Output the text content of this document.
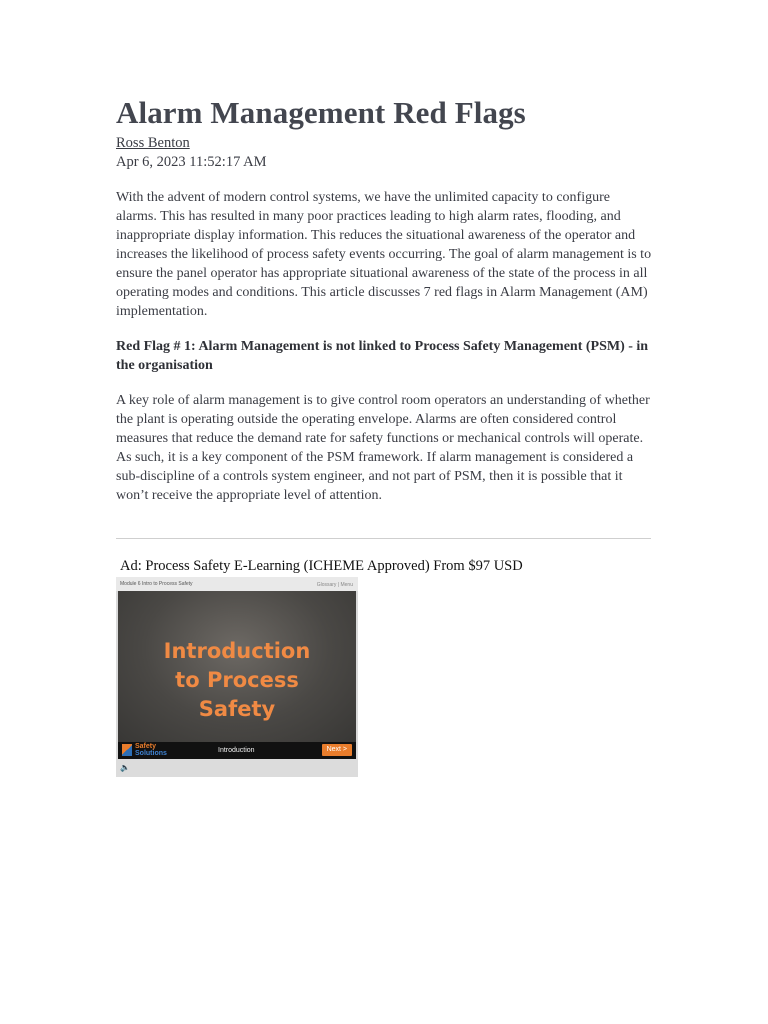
Alarm Management Red Flags
Ross Benton
Apr 6, 2023 11:52:17 AM

With the advent of modern control systems, we have the unlimited capacity to configure alarms. This has resulted in many poor practices leading to high alarm rates, flooding, and inappropriate display information. This reduces the situational awareness of the operator and increases the likelihood of process safety events occurring. The goal of alarm management is to ensure the panel operator has appropriate situational awareness of the state of the process in all operating modes and conditions. This article discusses 7 red flags in Alarm Management (AM) implementation.

Red Flag # 1: Alarm Management is not linked to Process Safety Management (PSM) - in the organisation

A key role of alarm management is to give control room operators an understanding of whether the plant is operating outside the operating envelope. Alarms are often considered control measures that reduce the demand rate for safety functions or mechanical controls will operate. As such, it is a key component of the PSM framework. If alarm management is considered a sub-discipline of a controls system engineer, and not part of PSM, then it is possible that it won’t receive the appropriate level of attention.

Ad: Process Safety E-Learning (ICHEME Approved) From $97 USD
Module 6 Intro to Process Safety	Glossary | Menu
Introduction
to Process
Safety
Safety
Solutions	Introduction	Next >
🔈
